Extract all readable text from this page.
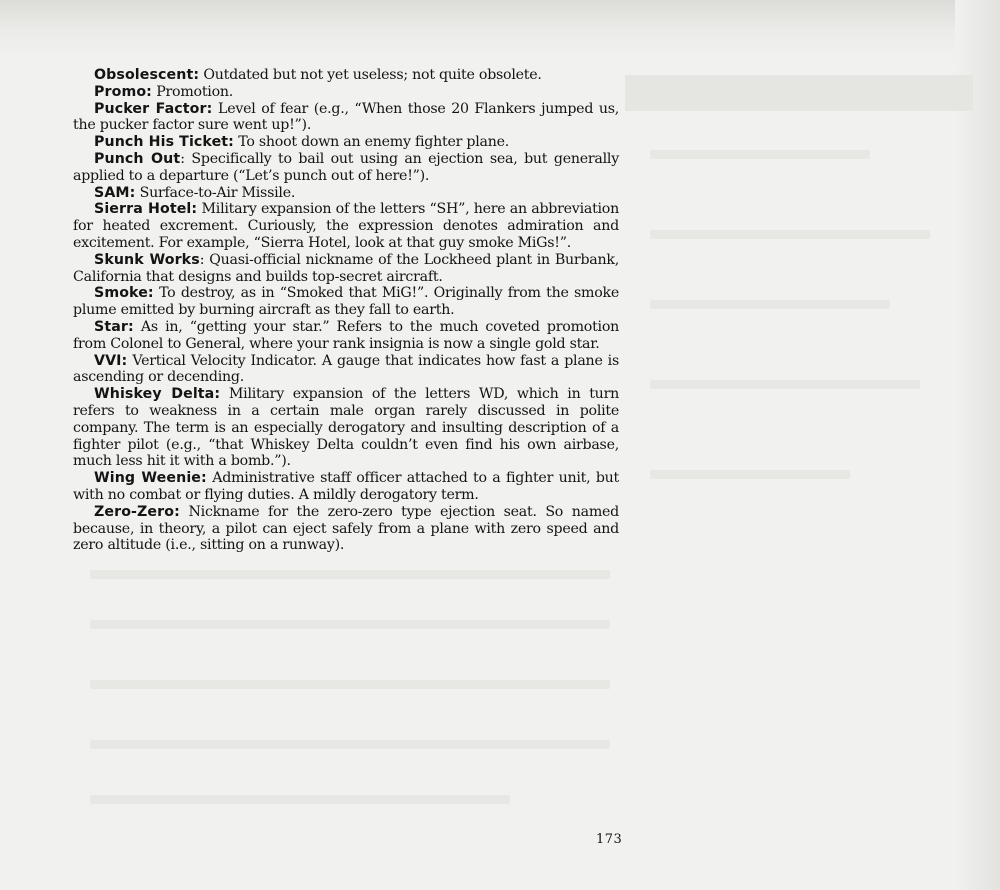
Obsolescent: Outdated but not yet useless; not quite obsolete.

Promo: Promotion.

Pucker Factor: Level of fear (e.g., “When those 20 Flankers jumped us, the pucker factor sure went up!”).

Punch His Ticket: To shoot down an enemy fighter plane.

Punch Out: Specifically to bail out using an ejection sea, but generally applied to a departure (“Let’s punch out of here!”).

SAM: Surface-to-Air Missile.

Sierra Hotel: Military expansion of the letters “SH”, here an abbreviation for heated excrement. Curiously, the expression denotes admiration and excitement. For example, “Sierra Hotel, look at that guy smoke MiGs!”.

Skunk Works: Quasi-official nickname of the Lockheed plant in Burbank, California that designs and builds top-secret aircraft.

Smoke: To destroy, as in “Smoked that MiG!”. Originally from the smoke plume emitted by burning aircraft as they fall to earth.

Star: As in, “getting your star.” Refers to the much coveted promotion from Colonel to General, where your rank insignia is now a single gold star.

VVI: Vertical Velocity Indicator. A gauge that indicates how fast a plane is ascending or decending.

Whiskey Delta: Military expansion of the letters WD, which in turn refers to weakness in a certain male organ rarely discussed in polite company. The term is an especially derogatory and insulting description of a fighter pilot (e.g., “that Whiskey Delta couldn’t even find his own airbase, much less hit it with a bomb.”).

Wing Weenie: Administrative staff officer attached to a fighter unit, but with no combat or flying duties. A mildly derogatory term.

Zero-Zero: Nickname for the zero-zero type ejection seat. So named because, in theory, a pilot can eject safely from a plane with zero speed and zero altitude (i.e., sitting on a runway).

173
